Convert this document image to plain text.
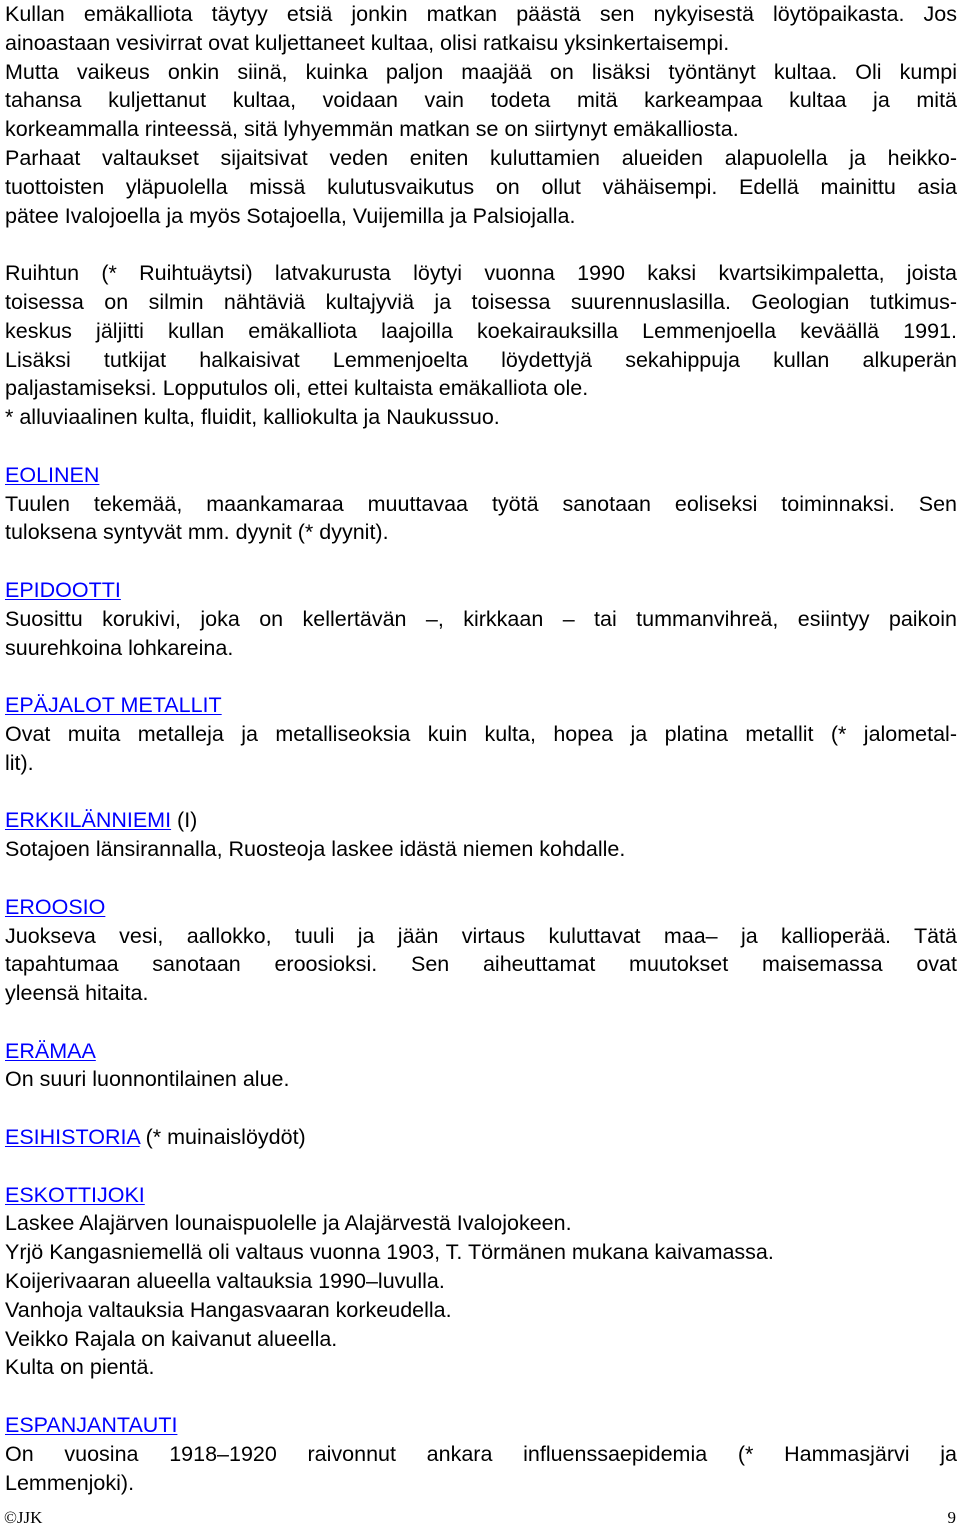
Kullan emäkalliota täytyy etsiä jonkin matkan päästä sen nykyisestä löytöpaikasta. Jos
ainoastaan vesivirrat ovat kuljettaneet kultaa, olisi ratkaisu yksinkertaisempi.
Mutta vaikeus onkin siinä, kuinka paljon maajää on lisäksi työntänyt kultaa. Oli kumpi
tahansa kuljettanut kultaa, voidaan vain todeta mitä karkeampaa kultaa ja mitä
korkeammalla rinteessä, sitä lyhyemmän matkan se on siirtynyt emäkalliosta.
Parhaat valtaukset sijaitsivat veden eniten kuluttamien alueiden alapuolella ja heikko-
tuottoisten yläpuolella missä kulutusvaikutus on ollut vähäisempi. Edellä mainittu asia
pätee Ivalojoella ja myös Sotajoella, Vuijemilla ja Palsiojalla.

Ruihtun (* Ruihtuäytsi) latvakurusta löytyi vuonna 1990 kaksi kvartsikimpaletta, joista
toisessa on silmin nähtäviä kultajyviä ja toisessa suurennuslasilla. Geologian tutkimus-
keskus jäljitti kullan emäkalliota laajoilla koekairauksilla Lemmenjoella keväällä 1991.
Lisäksi tutkijat halkaisivat Lemmenjoelta löydettyjä sekahippuja kullan alkuperän
paljastamiseksi. Lopputulos oli, ettei kultaista emäkalliota ole.
* alluviaalinen kulta, fluidit, kalliokulta ja Naukussuo.

EOLINEN
Tuulen tekemää, maankamaraa muuttavaa työtä sanotaan eoliseksi toiminnaksi. Sen
tuloksena syntyvät mm. dyynit (* dyynit).
EPIDOOTTI
Suosittu korukivi, joka on kellertävän –, kirkkaan – tai tummanvihreä, esiintyy paikoin
suurehkoina lohkareina.
EPÄJALOT METALLIT
Ovat muita metalleja ja metalliseoksia kuin kulta, hopea ja platina metallit (* jalometal-
lit).
ERKKILÄNNIEMI (I)
Sotajoen länsirannalla, Ruosteoja laskee idästä niemen kohdalle.
EROOSIO
Juokseva vesi, aallokko, tuuli ja jään virtaus kuluttavat maa– ja kallioperää. Tätä
tapahtumaa sanotaan eroosioksi. Sen aiheuttamat muutokset maisemassa ovat
yleensä hitaita.
ERÄMAA
On suuri luonnontilainen alue.
ESIHISTORIA (* muinaislöydöt)
ESKOTTIJOKI
Laskee Alajärven lounaispuolelle ja Alajärvestä Ivalojokeen.
Yrjö Kangasniemellä oli valtaus vuonna 1903, T. Törmänen mukana kaivamassa.
Koijerivaaran alueella valtauksia 1990–luvulla.
Vanhoja valtauksia Hangasvaaran korkeudella.
Veikko Rajala on kaivanut alueella.
Kulta on pientä.
ESPANJANTAUTI
On vuosina 1918–1920 raivonnut ankara influenssaepidemia (* Hammasjärvi ja
Lemmenjoki).
©JJK	9
